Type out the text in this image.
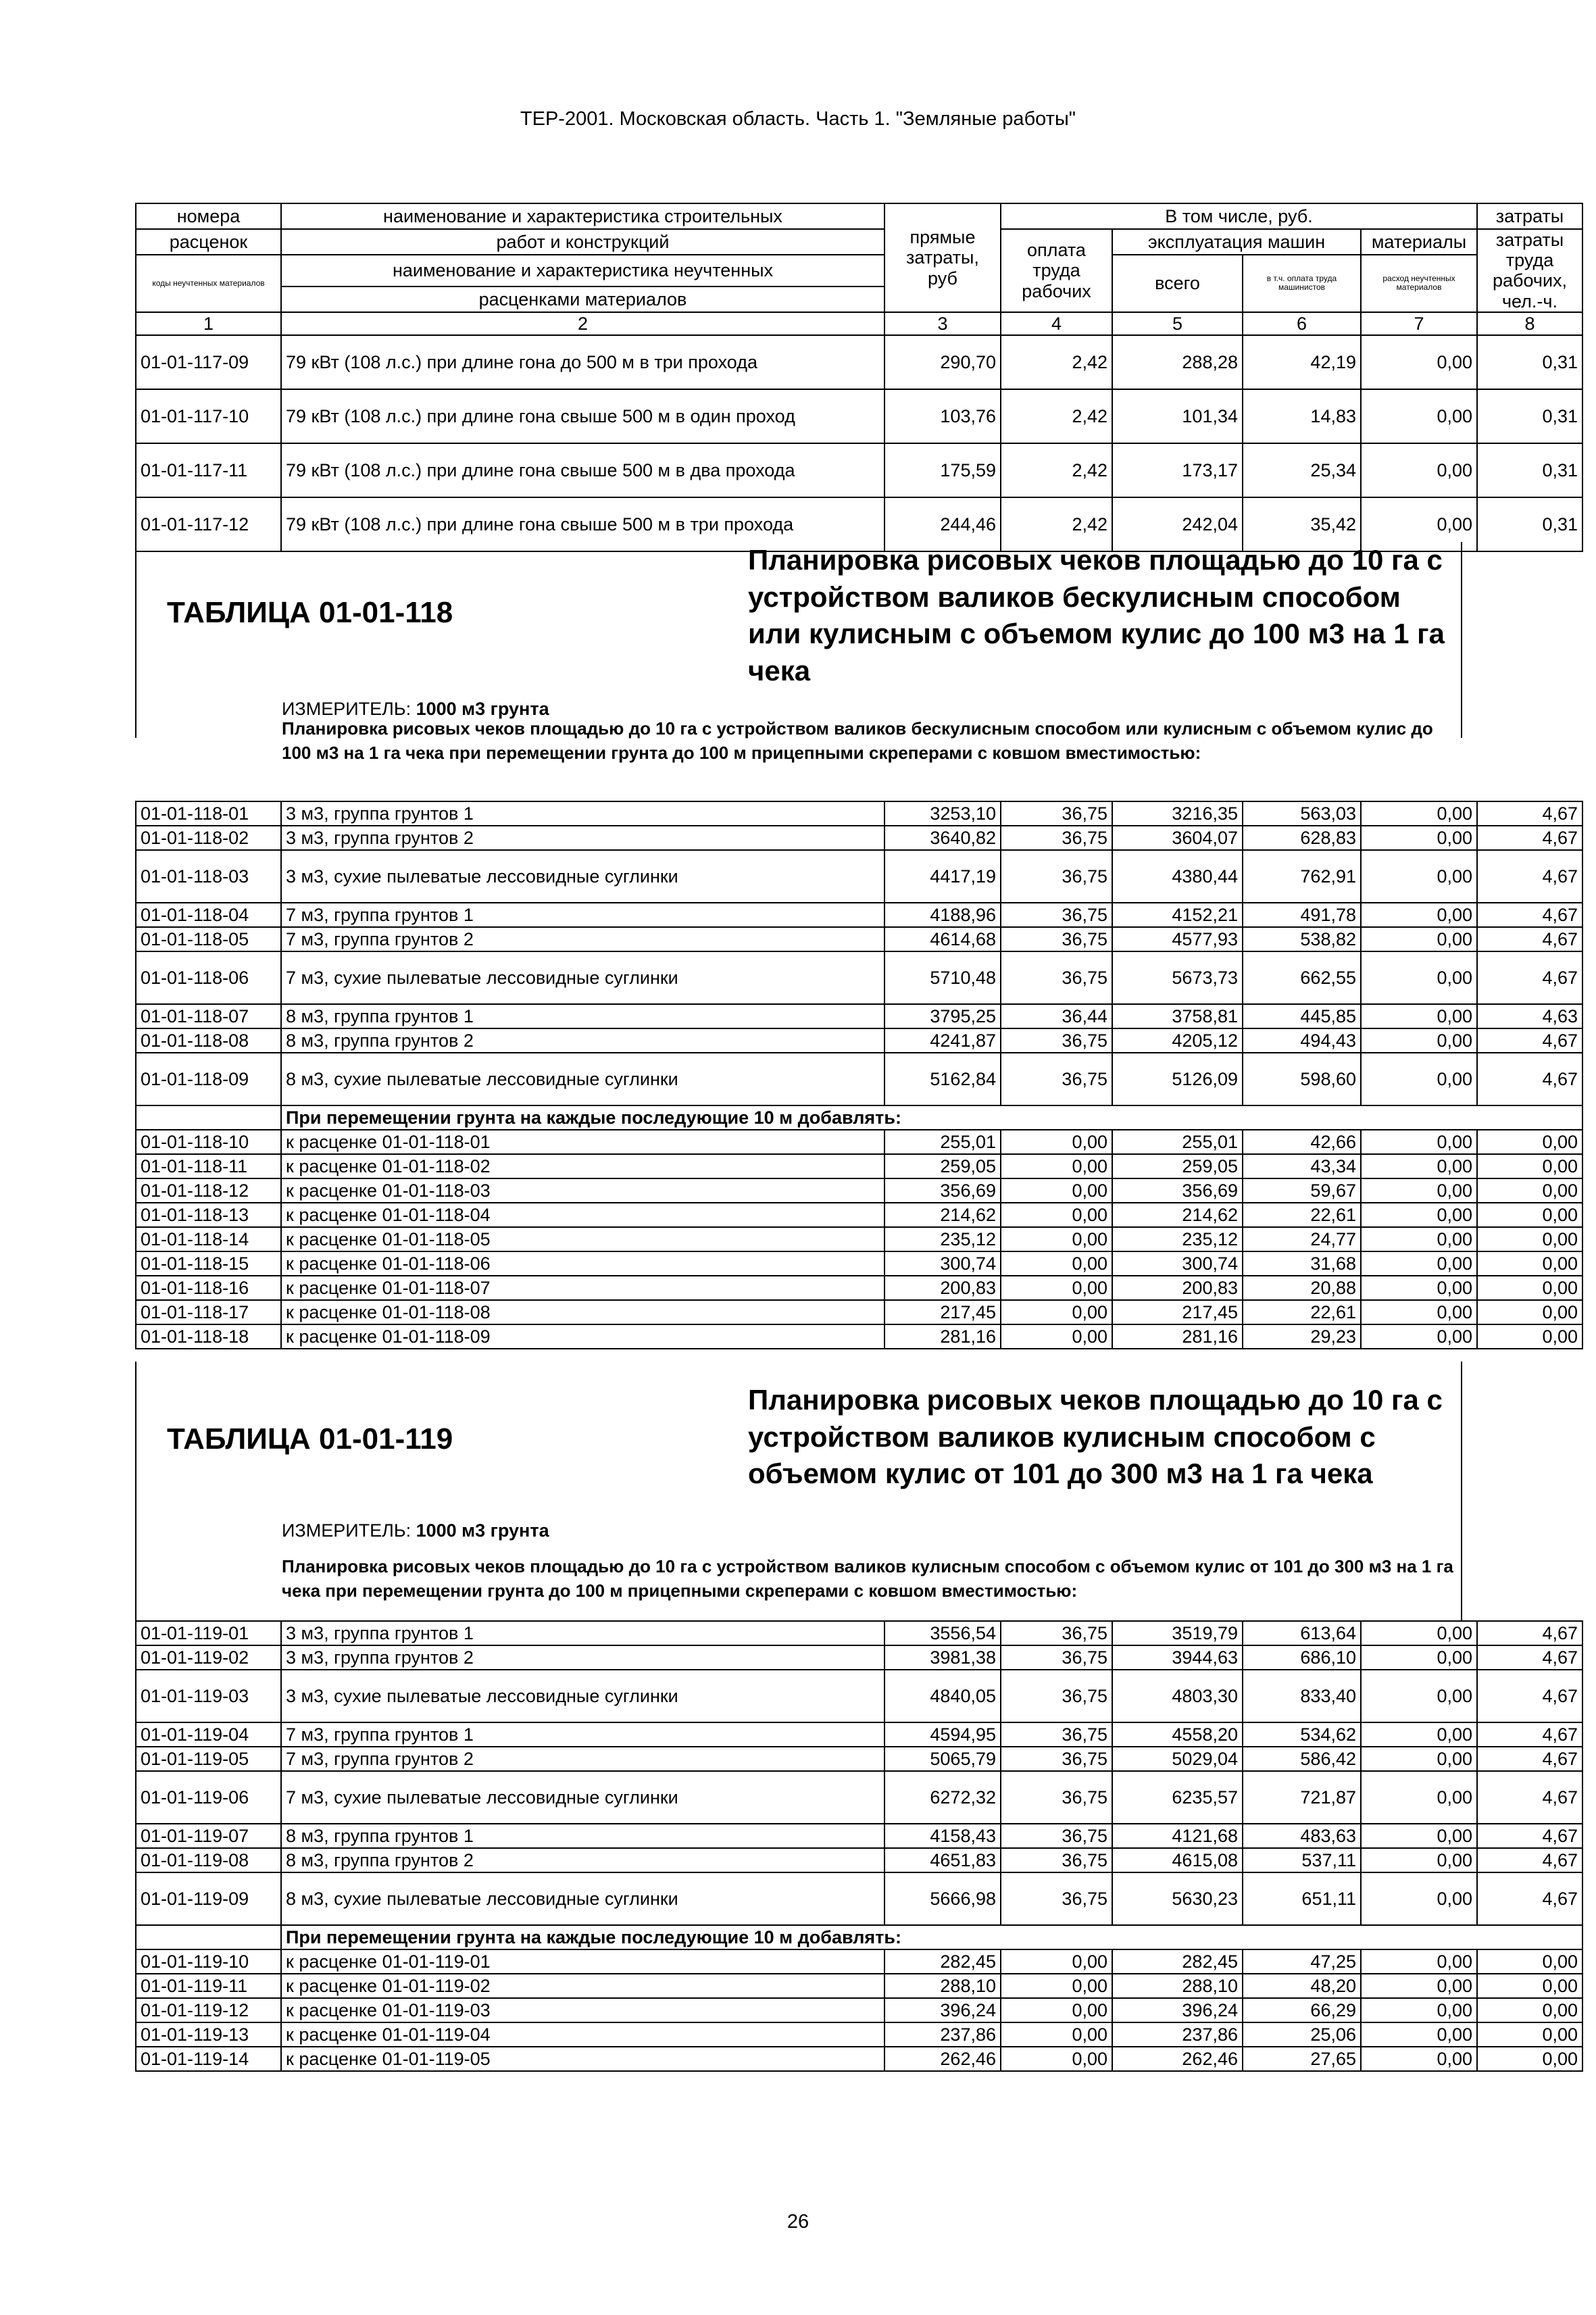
ТЕР-2001. Московская область. Часть 1. "Земляные работы"
номера	наименование и характеристика строительных	прямые затраты, руб	В том числе, руб.				затраты
расценок	работ и конструкций		оплата труда рабочих	эксплуатация машин		материалы	затраты труда рабочих, чел.-ч.
коды неучтенных материалов	наименование и характеристика неучтенных			всего	в т.ч. оплата труда машинистов	расход неучтенных материалов	
	расценками материалов						
1	2	3	4	5	6	7	8
01-01-117-09	79 кВт (108 л.с.) при длине гона до 500 м в три прохода	290,70	2,42	288,28	42,19	0,00	0,31
01-01-117-10	79 кВт (108 л.с.) при длине гона свыше 500 м в один проход	103,76	2,42	101,34	14,83	0,00	0,31
01-01-117-11	79 кВт (108 л.с.) при длине гона свыше 500 м в два прохода	175,59	2,42	173,17	25,34	0,00	0,31
01-01-117-12	79 кВт (108 л.с.) при длине гона свыше 500 м в три прохода	244,46	2,42	242,04	35,42	0,00	0,31
ТАБЛИЦА 01-01-118
Планировка рисовых чеков площадью до 10 га с устройством валиков бескулисным способом или кулисным с объемом кулис до 100 м3 на 1 га чека
ИЗМЕРИТЕЛЬ: 1000 м3 грунта
Планировка рисовых чеков площадью до 10 га с устройством валиков бескулисным способом или кулисным с объемом кулис до 100 м3 на 1 га чека при перемещении грунта до 100 м прицепными скреперами с ковшом вместимостью:
01-01-118-01	3 м3, группа грунтов 1	3253,10	36,75	3216,35	563,03	0,00	4,67
01-01-118-02	3 м3, группа грунтов 2	3640,82	36,75	3604,07	628,83	0,00	4,67
01-01-118-03	3 м3, сухие пылеватые лессовидные суглинки	4417,19	36,75	4380,44	762,91	0,00	4,67
01-01-118-04	7 м3, группа грунтов 1	4188,96	36,75	4152,21	491,78	0,00	4,67
01-01-118-05	7 м3, группа грунтов 2	4614,68	36,75	4577,93	538,82	0,00	4,67
01-01-118-06	7 м3, сухие пылеватые лессовидные суглинки	5710,48	36,75	5673,73	662,55	0,00	4,67
01-01-118-07	8 м3, группа грунтов 1	3795,25	36,44	3758,81	445,85	0,00	4,63
01-01-118-08	8 м3, группа грунтов 2	4241,87	36,75	4205,12	494,43	0,00	4,67
01-01-118-09	8 м3, сухие пылеватые лессовидные суглинки	5162,84	36,75	5126,09	598,60	0,00	4,67
	При перемещении грунта на каждые последующие 10 м добавлять:						
01-01-118-10	к расценке 01-01-118-01	255,01	0,00	255,01	42,66	0,00	0,00
01-01-118-11	к расценке 01-01-118-02	259,05	0,00	259,05	43,34	0,00	0,00
01-01-118-12	к расценке 01-01-118-03	356,69	0,00	356,69	59,67	0,00	0,00
01-01-118-13	к расценке 01-01-118-04	214,62	0,00	214,62	22,61	0,00	0,00
01-01-118-14	к расценке 01-01-118-05	235,12	0,00	235,12	24,77	0,00	0,00
01-01-118-15	к расценке 01-01-118-06	300,74	0,00	300,74	31,68	0,00	0,00
01-01-118-16	к расценке 01-01-118-07	200,83	0,00	200,83	20,88	0,00	0,00
01-01-118-17	к расценке 01-01-118-08	217,45	0,00	217,45	22,61	0,00	0,00
01-01-118-18	к расценке 01-01-118-09	281,16	0,00	281,16	29,23	0,00	0,00
ТАБЛИЦА 01-01-119
Планировка рисовых чеков площадью до 10 га с устройством валиков кулисным способом с объемом кулис от 101 до 300 м3 на 1 га чека
ИЗМЕРИТЕЛЬ: 1000 м3 грунта
Планировка рисовых чеков площадью до 10 га с устройством валиков кулисным способом с объемом кулис от 101 до 300 м3 на 1 га чека при перемещении грунта до 100 м прицепными скреперами с ковшом вместимостью:
01-01-119-01	3 м3, группа грунтов 1	3556,54	36,75	3519,79	613,64	0,00	4,67
01-01-119-02	3 м3, группа грунтов 2	3981,38	36,75	3944,63	686,10	0,00	4,67
01-01-119-03	3 м3, сухие пылеватые лессовидные суглинки	4840,05	36,75	4803,30	833,40	0,00	4,67
01-01-119-04	7 м3, группа грунтов 1	4594,95	36,75	4558,20	534,62	0,00	4,67
01-01-119-05	7 м3, группа грунтов 2	5065,79	36,75	5029,04	586,42	0,00	4,67
01-01-119-06	7 м3, сухие пылеватые лессовидные суглинки	6272,32	36,75	6235,57	721,87	0,00	4,67
01-01-119-07	8 м3, группа грунтов 1	4158,43	36,75	4121,68	483,63	0,00	4,67
01-01-119-08	8 м3, группа грунтов 2	4651,83	36,75	4615,08	537,11	0,00	4,67
01-01-119-09	8 м3, сухие пылеватые лессовидные суглинки	5666,98	36,75	5630,23	651,11	0,00	4,67
	При перемещении грунта на каждые последующие 10 м добавлять:						
01-01-119-10	к расценке 01-01-119-01	282,45	0,00	282,45	47,25	0,00	0,00
01-01-119-11	к расценке 01-01-119-02	288,10	0,00	288,10	48,20	0,00	0,00
01-01-119-12	к расценке 01-01-119-03	396,24	0,00	396,24	66,29	0,00	0,00
01-01-119-13	к расценке 01-01-119-04	237,86	0,00	237,86	25,06	0,00	0,00
01-01-119-14	к расценке 01-01-119-05	262,46	0,00	262,46	27,65	0,00	0,00
26
